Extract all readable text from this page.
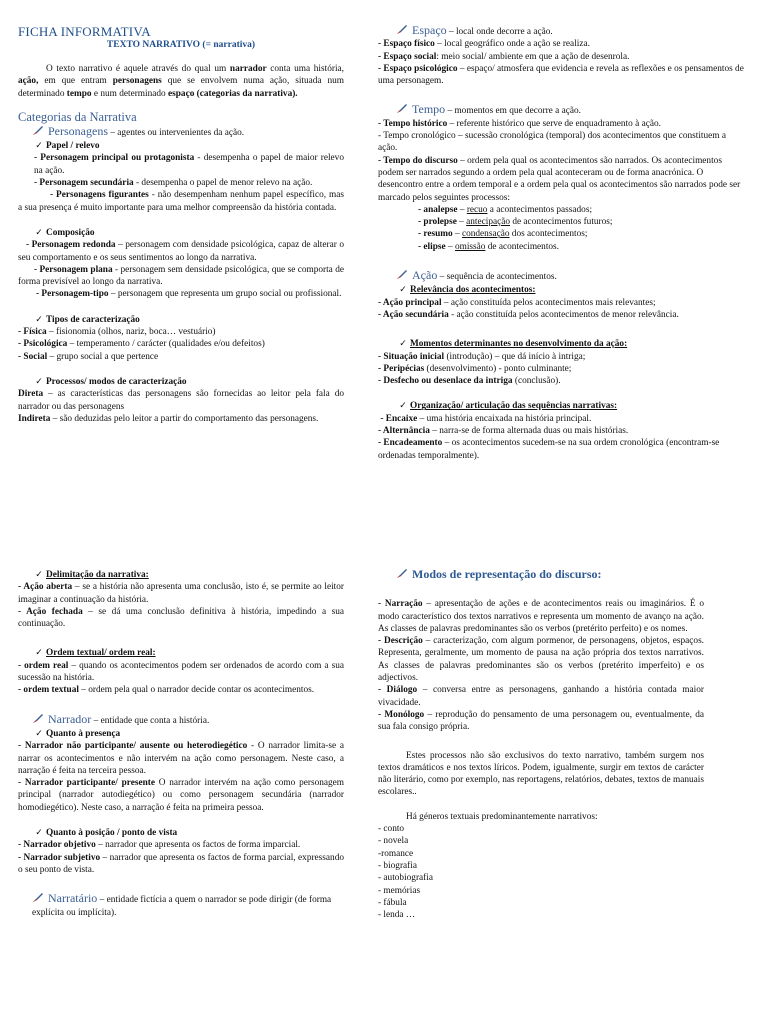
FICHA INFORMATIVA
TEXTO NARRATIVO (= narrativa)

O texto narrativo é aquele através do qual um narrador conta uma história, ação, em que entram personagens que se envolvem numa ação, situada num determinado tempo e num determinado espaço (categorias da narrativa).

Categorias da Narrativa
Personagens – agentes ou intervenientes da ação.
✓ Papel / relevo

- Personagem principal ou protagonista - desempenha o papel de maior relevo na ação.

- Personagem secundária - desempenha o papel de menor relevo na ação.

- Personagens figurantes - não desempenham nenhum papel específico, mas a sua presença é muito importante para uma melhor compreensão da história contada.

✓ Composição

- Personagem redonda – personagem com densidade psicológica, capaz de alterar o seu comportamento e os seus sentimentos ao longo da narrativa.

- Personagem plana - personagem sem densidade psicológica, que se comporta de forma previsível ao longo da narrativa.

- Personagem-tipo – personagem que representa um grupo social ou profissional.

✓ Tipos de caracterização

- Física – fisionomia (olhos, nariz, boca… vestuário)

- Psicológica – temperamento / carácter (qualidades e/ou defeitos)

- Social – grupo social a que pertence

✓ Processos/ modos de caracterização

Direta – as características das personagens são fornecidas ao leitor pela fala do narrador ou das personagens

Indireta – são deduzidas pelo leitor a partir do comportamento das personagens.

Espaço – local onde decorre a ação.

- Espaço físico – local geográfico onde a ação se realiza.

- Espaço social: meio social/ ambiente em que a ação de desenrola.

- Espaço psicológico – espaço/ atmosfera que evidencia e revela as reflexões e os pensamentos de uma personagem.

Tempo – momentos em que decorre a ação.

- Tempo histórico – referente histórico que serve de enquadramento à ação.

- Tempo cronológico – sucessão cronológica (temporal) dos acontecimentos que constituem a ação.

- Tempo do discurso – ordem pela qual os acontecimentos são narrados. Os acontecimentos podem ser narrados segundo a ordem pela qual aconteceram ou de forma anacrónica. O desencontro entre a ordem temporal e a ordem pela qual os acontecimentos são narrados pode ser marcado pelos seguintes processos:

- analepse – recuo a acontecimentos passados;
- prolepse – antecipação de acontecimentos futuros;
- resumo – condensação dos acontecimentos;
- elipse – omissão de acontecimentos.
Ação – sequência de acontecimentos.
✓ Relevância dos acontecimentos:

- Ação principal – ação constituída pelos acontecimentos mais relevantes;

- Ação secundária - ação constituída pelos acontecimentos de menor relevância.

✓ Momentos determinantes no desenvolvimento da ação:

- Situação inicial (introdução) – que dá início à intriga;

- Peripécias (desenvolvimento) - ponto culminante;

- Desfecho ou desenlace da intriga (conclusão).

✓ Organização/ articulação das sequências narrativas:

- Encaixe – uma história encaixada na história principal.

- Alternância – narra-se de forma alternada duas ou mais histórias.

- Encadeamento – os acontecimentos sucedem-se na sua ordem cronológica (encontram-se ordenadas temporalmente).

✓ Delimitação da narrativa:

- Ação aberta – se a história não apresenta uma conclusão, isto é, se permite ao leitor imaginar a continuação da história.

- Ação fechada – se dá uma conclusão definitiva à história, impedindo a sua continuação.

✓ Ordem textual/ ordem real:

- ordem real – quando os acontecimentos podem ser ordenados de acordo com a sua sucessão na história.

- ordem textual – ordem pela qual o narrador decide contar os acontecimentos.

Narrador – entidade que conta a história.
✓ Quanto à presença

- Narrador não participante/ ausente ou heterodiegético - O narrador limita-se a narrar os acontecimentos e não intervém na ação como personagem. Neste caso, a narração é feita na terceira pessoa.

- Narrador participante/ presente O narrador intervém na ação como personagem principal (narrador autodiegético) ou como personagem secundária (narrador homodiegético). Neste caso, a narração é feita na primeira pessoa.

✓ Quanto à posição / ponto de vista

- Narrador objetivo – narrador que apresenta os factos de forma imparcial.

- Narrador subjetivo – narrador que apresenta os factos de forma parcial, expressando o seu ponto de vista.

Narratário – entidade fictícia a quem o narrador se pode dirigir (de forma explícita ou implícita).

Modos de representação do discurso:

- Narração – apresentação de ações e de acontecimentos reais ou imaginários. É o modo característico dos textos narrativos e representa um momento de avanço na ação. As classes de palavras predominantes são os verbos (pretérito perfeito) e os nomes.

- Descrição – caracterização, com algum pormenor, de personagens, objetos, espaços. Representa, geralmente, um momento de pausa na ação própria dos textos narrativos. As classes de palavras predominantes são os verbos (pretérito imperfeito) e os adjectivos.

- Diálogo – conversa entre as personagens, ganhando a história contada maior vivacidade.

- Monólogo – reprodução do pensamento de uma personagem ou, eventualmente, da sua fala consigo própria.

Estes processos não são exclusivos do texto narrativo, também surgem nos textos dramáticos e nos textos líricos. Podem, igualmente, surgir em textos de carácter não literário, como por exemplo, nas reportagens, relatórios, debates, textos de manuais escolares..

Há géneros textuais predominantemente narrativos:

- conto
- novela
-romance
- biografia
- autobiografia
- memórias
- fábula
- lenda …
